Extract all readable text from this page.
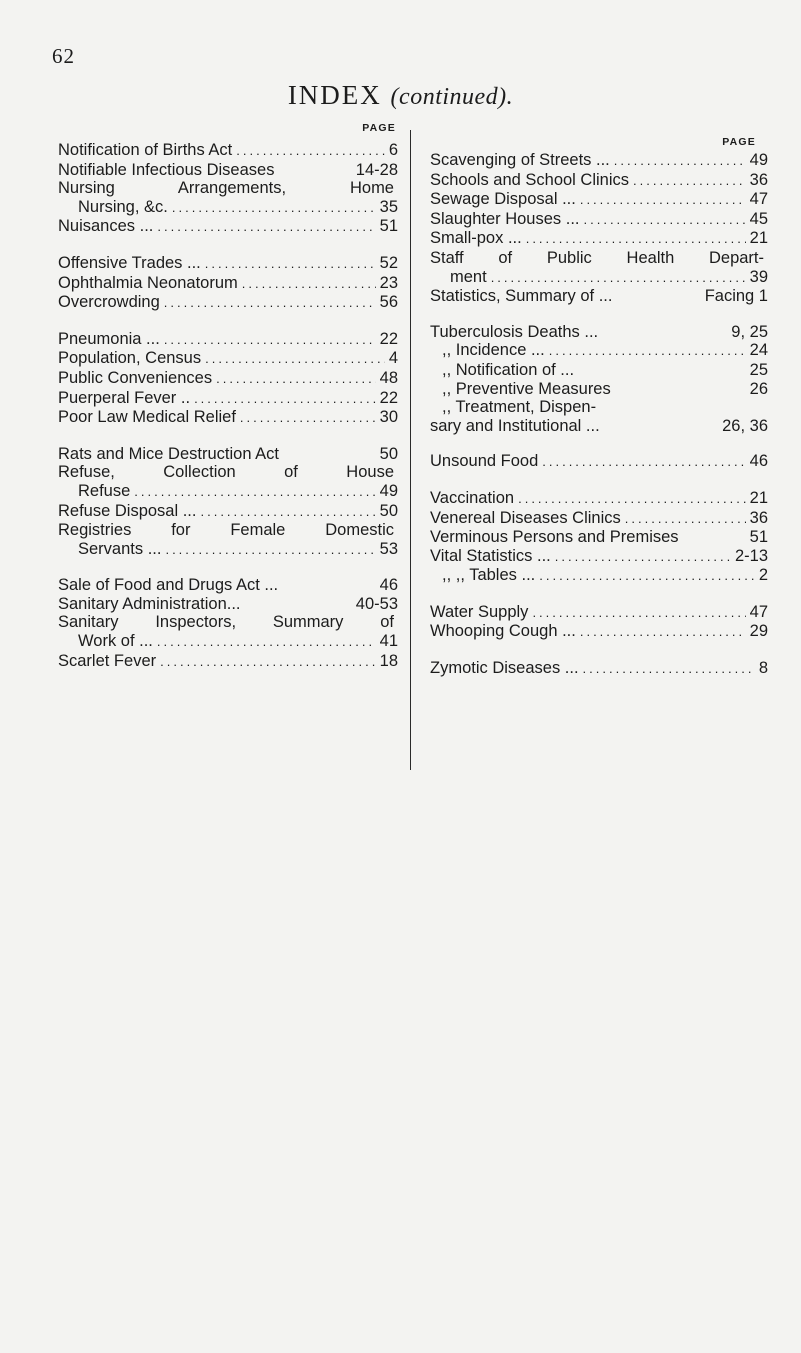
62
INDEX (continued).
PAGE
Notification of Births Act .....	6
Notifiable Infectious Diseases	14-28
Nursing Arrangements, Home
Nursing, &c. .....	35
Nuisances ... .....	51
Offensive Trades ... .....	52
Ophthalmia Neonatorum .....	23
Overcrowding .....	56
Pneumonia ... .....	22
Population, Census .....	4
Public Conveniences .....	48
Puerperal Fever .. .....	22
Poor Law Medical Relief .....	30
Rats and Mice Destruction Act	50
Refuse, Collection of House
Refuse .....	49
Refuse Disposal ... .....	50
Registries for Female Domestic
Servants ... .....	53
Sale of Food and Drugs Act ...	46
Sanitary Administration...	40-53
Sanitary Inspectors, Summary of
Work of ... .....	41
Scarlet Fever .....	18
PAGE
Scavenging of Streets ... .....	49
Schools and School Clinics .....	36
Sewage Disposal ... .....	47
Slaughter Houses ... .....	45
Small-pox ... .....	21
Staff of Public Health Depart-
ment .....	39
Statistics, Summary of ...	Facing 1
Tuberculosis Deaths ...	9, 25
,, Incidence ... .....	24
,, Notification of ...	25
,, Preventive Measures	26
,, Treatment, Dispen-
sary and Institutional ...	26, 36
Unsound Food .....	46
Vaccination .....	21
Venereal Diseases Clinics .....	36
Verminous Persons and Premises	51
Vital Statistics ... .....	2-13
,, ,, Tables ... .....	2
Water Supply .....	47
Whooping Cough ... .....	29
Zymotic Diseases ... .....	8
